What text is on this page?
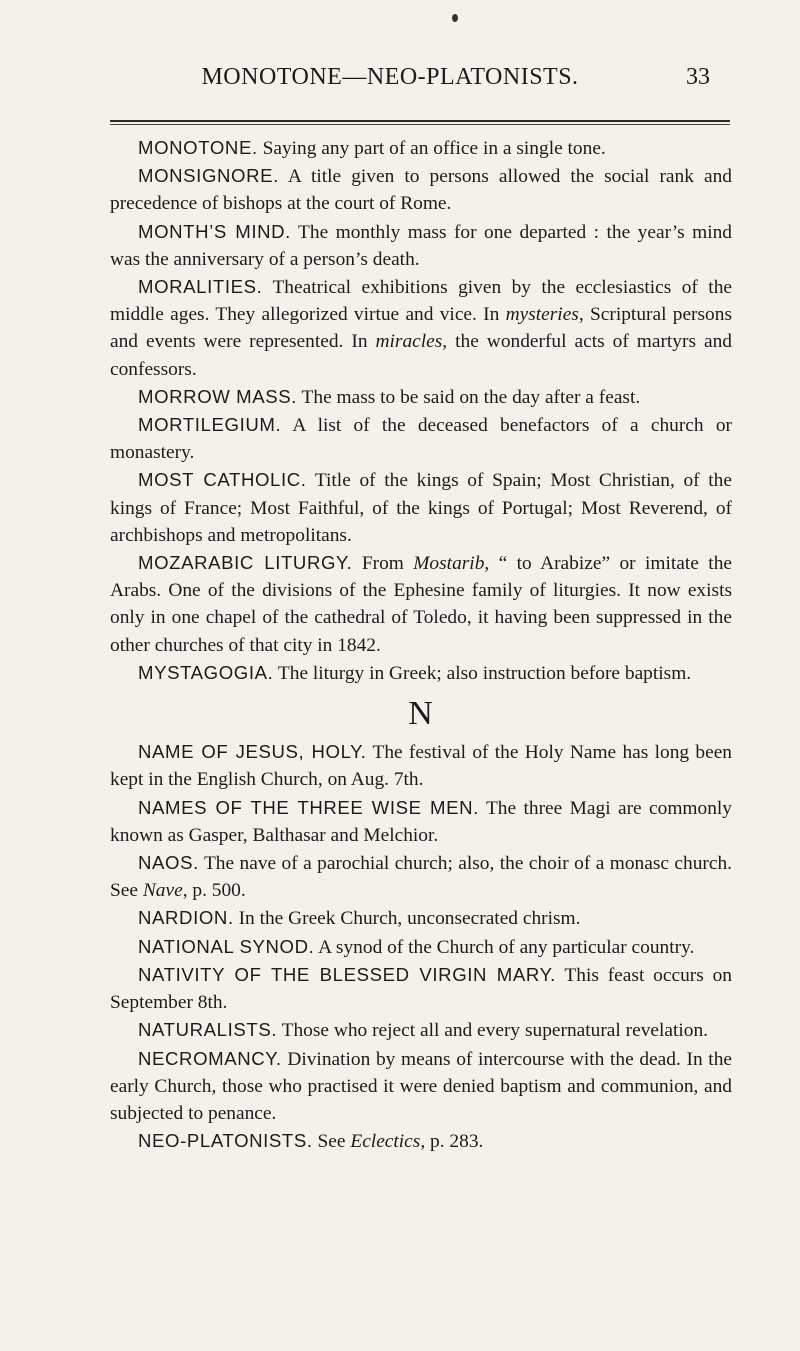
MONOTONE—NEO-PLATONISTS.	33

MONOTONE. Saying any part of an office in a single tone.

MONSIGNORE. A title given to persons allowed the social rank and precedence of bishops at the court of Rome.

MONTH’S MIND. The monthly mass for one departed : the year’s mind was the anniversary of a person’s death.

MORALITIES. Theatrical exhibitions given by the ecclesiastics of the middle ages. They allegorized virtue and vice. In mysteries, Scriptural persons and events were represented. In miracles, the wonderful acts of martyrs and confessors.

MORROW MASS. The mass to be said on the day after a feast.

MORTILEGIUM. A list of the deceased benefactors of a church or monastery.

MOST CATHOLIC. Title of the kings of Spain; Most Christian, of the kings of France; Most Faithful, of the kings of Portugal; Most Reverend, of archbishops and metropolitans.

MOZARABIC LITURGY. From Mostarib, “ to Arabize” or imitate the Arabs. One of the divisions of the Ephesine family of liturgies. It now exists only in one chapel of the cathedral of Toledo, it having been suppressed in the other churches of that city in 1842.

MYSTAGOGIA. The liturgy in Greek; also instruction before baptism.

N

NAME OF JESUS, HOLY. The festival of the Holy Name has long been kept in the English Church, on Aug. 7th.

NAMES OF THE THREE WISE MEN. The three Magi are commonly known as Gasper, Balthasar and Melchior.

NAOS. The nave of a parochial church; also, the choir of a monasc church. See Nave, p. 500.

NARDION. In the Greek Church, unconsecrated chrism.

NATIONAL SYNOD. A synod of the Church of any particular country.

NATIVITY OF THE BLESSED VIRGIN MARY. This feast occurs on September 8th.

NATURALISTS. Those who reject all and every supernatural revelation.

NECROMANCY. Divination by means of intercourse with the dead. In the early Church, those who practised it were denied baptism and communion, and subjected to penance.

NEO-PLATONISTS. See Eclectics, p. 283.
